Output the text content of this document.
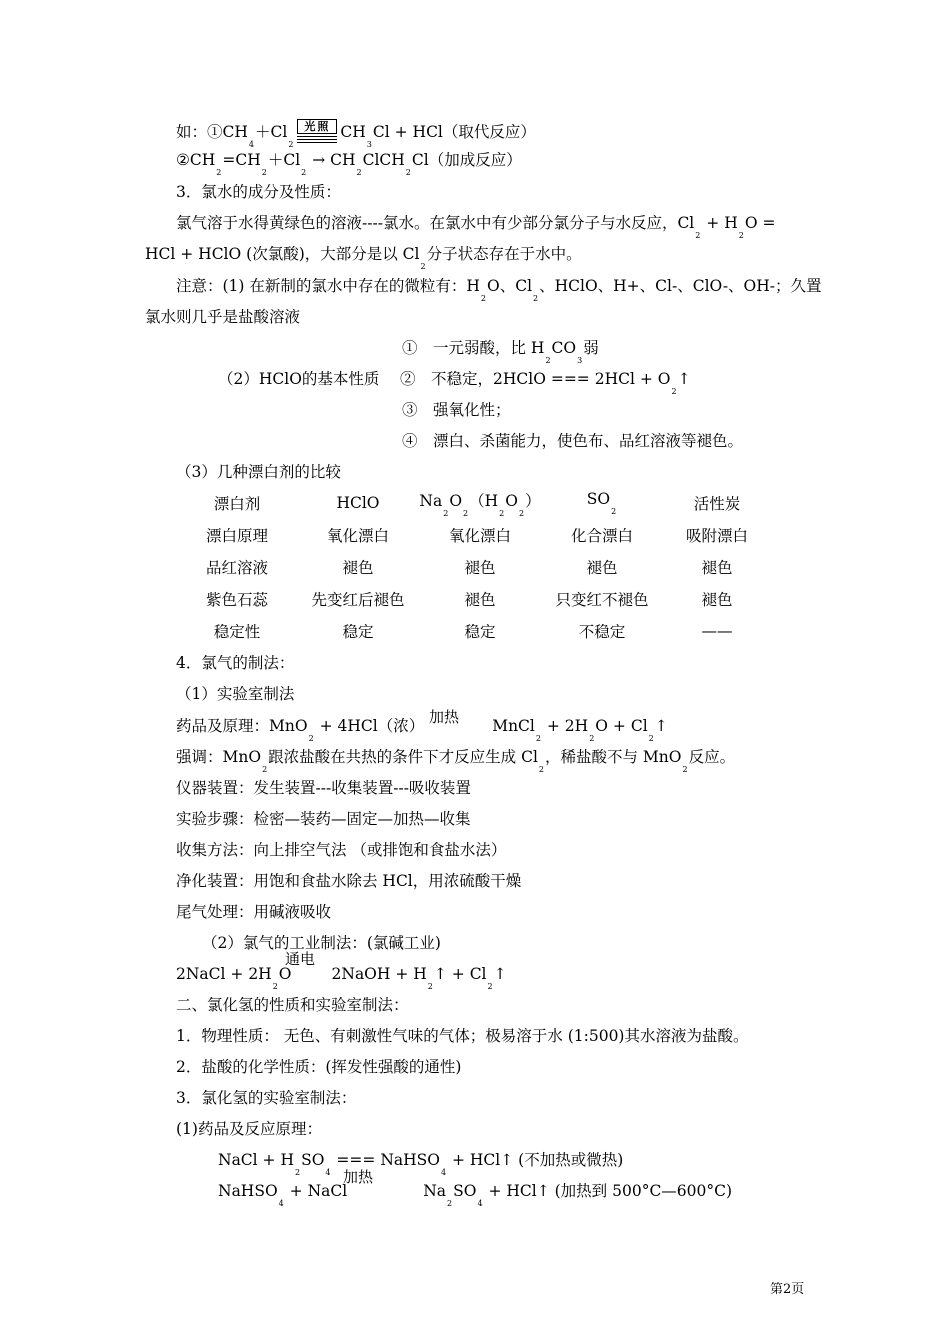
如：①CH4＋Cl2
光照 CH3Cl + HCl（取代反应）
②CH2=CH2＋Cl2 → CH2ClCH2Cl（加成反应）
3．氯水的成分及性质：
氯气溶于水得黄绿色的溶液----氯水。在氯水中有少部分氯分子与水反应，Cl2 + H2O =
HCl + HClO (次氯酸)，大部分是以 Cl2分子状态存在于水中。
注意：(1) 在新制的氯水中存在的微粒有：H2O、Cl2、HClO、H+、Cl-、ClO-、OH-；久置
氯水则几乎是盐酸溶液
（2）HClO的基本性质
①　一元弱酸，比 H2CO3弱
②　不稳定，2HClO === 2HCl + O2↑
③　强氧化性；
④　漂白、杀菌能力，使色布、品红溶液等褪色。
（3）几种漂白剂的比较
漂白剂	HClO	Na2O2（H2O2）	SO2	活性炭
漂白原理	氧化漂白	氧化漂白	化合漂白	吸附漂白
品红溶液	褪色	褪色	褪色	褪色
紫色石蕊	先变红后褪色	褪色	只变红不褪色	褪色
稳定性	稳定	稳定	不稳定	——
4．氯气的制法：
（1）实验室制法
加热
药品及原理：MnO2 + 4HCl（浓）	MnCl2 + 2H2O + Cl2↑
强调：MnO2跟浓盐酸在共热的条件下才反应生成 Cl2，稀盐酸不与 MnO2反应。
仪器装置：发生装置---收集装置---吸收装置
实验步骤：检密—装药—固定—加热—收集
收集方法：向上排空气法 （或排饱和食盐水法）
净化装置：用饱和食盐水除去 HCl，用浓硫酸干燥
尾气处理：用碱液吸收
（2）氯气的工业制法：(氯碱工业)
通电
2NaCl + 2H2O	2NaOH + H2↑ + Cl2↑
二、氯化氢的性质和实验室制法：
1．物理性质： 无色、有刺激性气味的气体；极易溶于水 (1:500)其水溶液为盐酸。
2．盐酸的化学性质：(挥发性强酸的通性)
3．氯化氢的实验室制法：
(1)药品及反应原理：
NaCl + H2SO4 === NaHSO4 + HCl↑ (不加热或微热)
加热
NaHSO4 + NaCl	Na2SO4 + HCl↑ (加热到 500°C—600°C)
第2页
